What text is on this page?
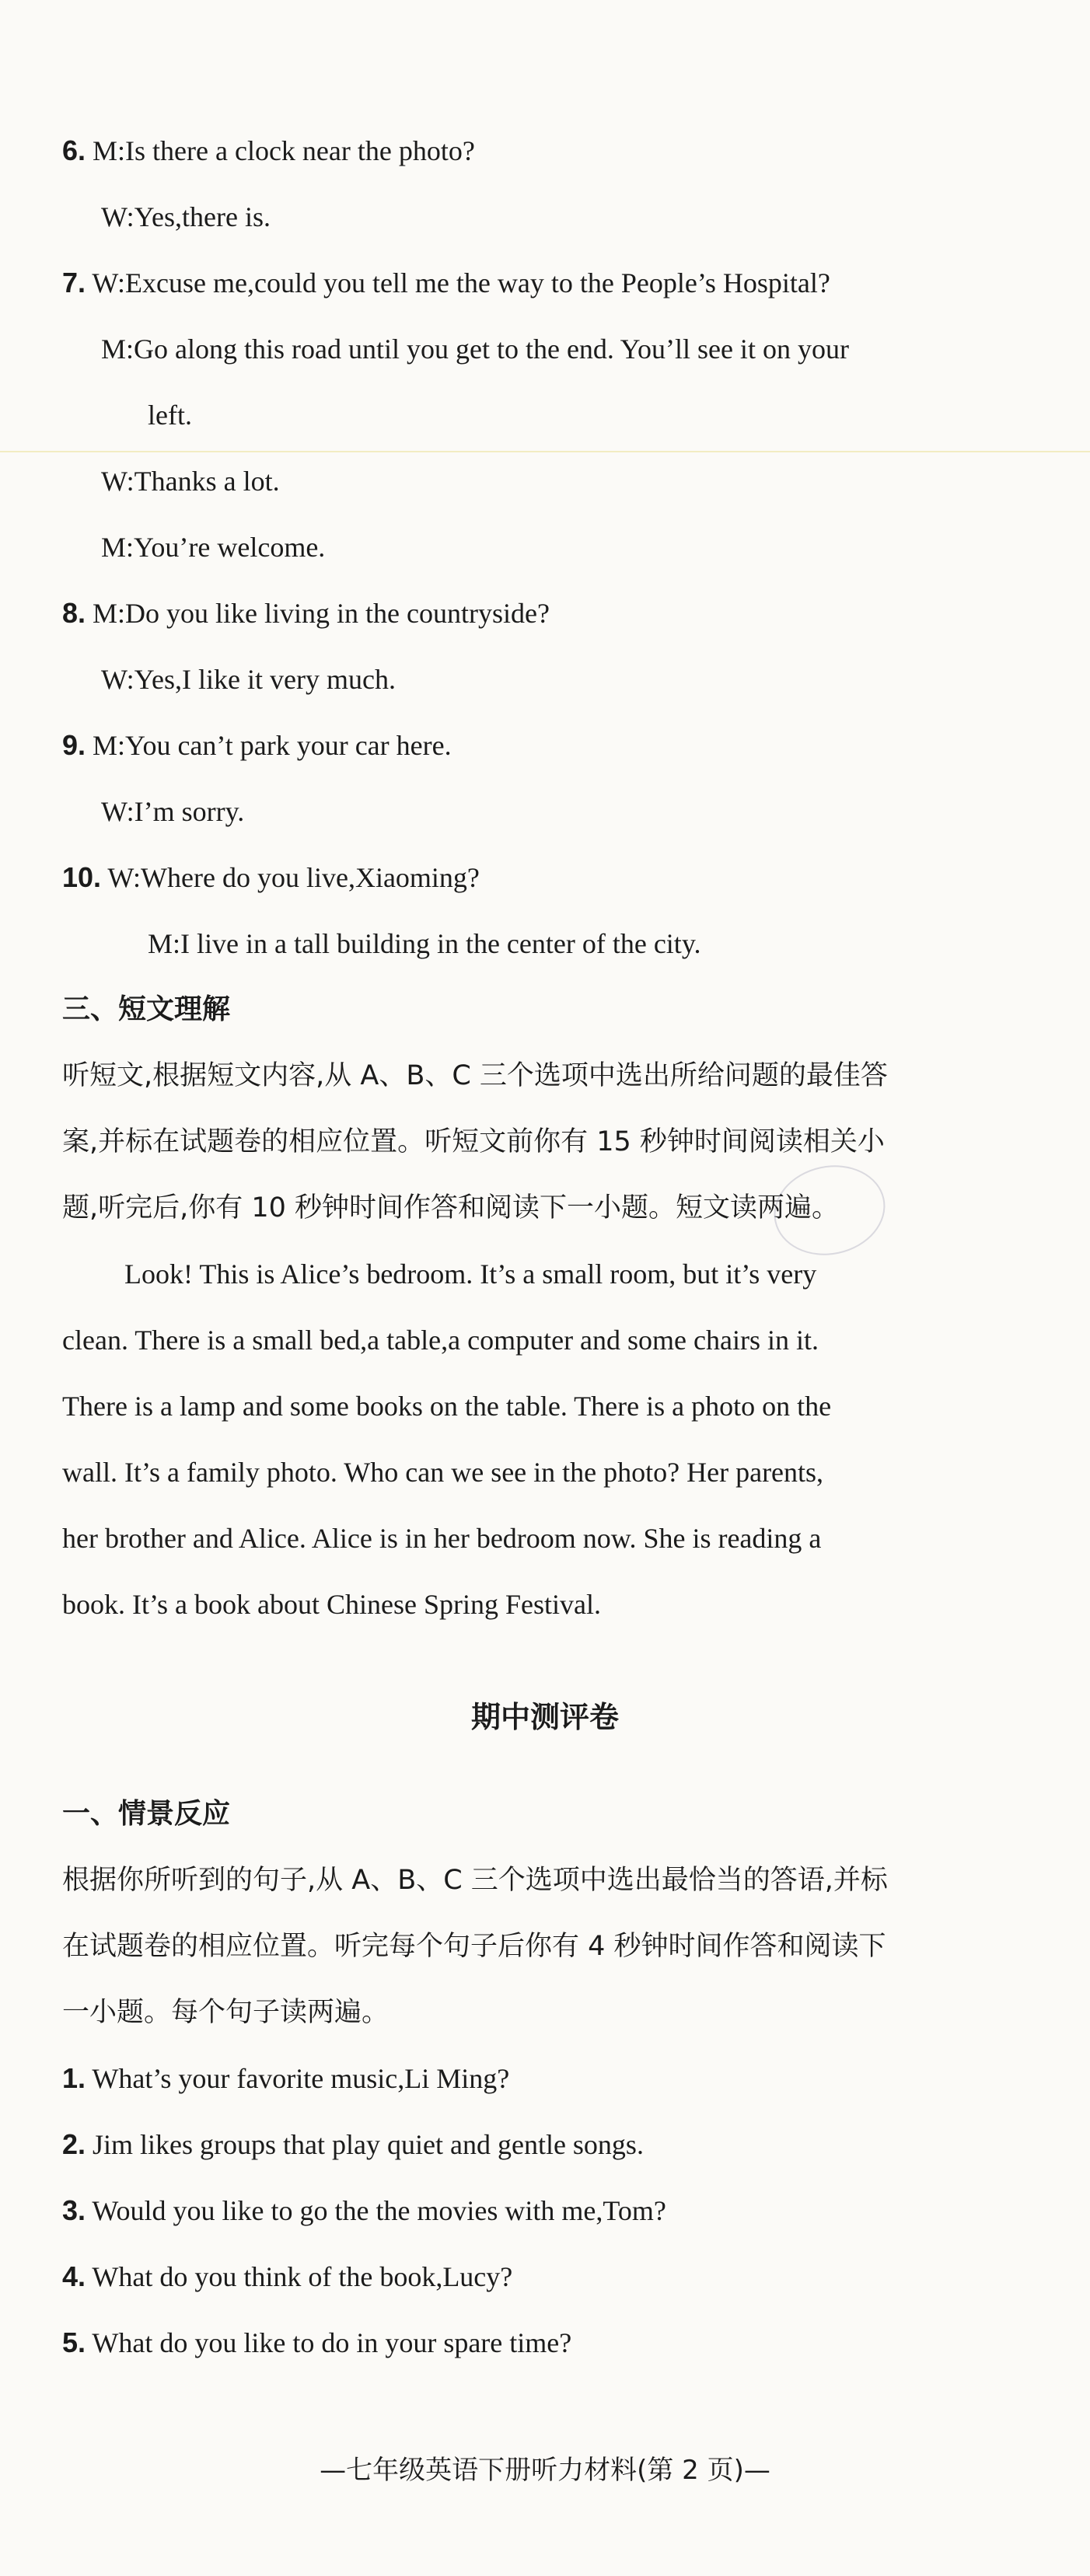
6. M:Is there a clock near the photo?
W:Yes,there is.
7. W:Excuse me,could you tell me the way to the People’s Hospital?
M:Go along this road until you get to the end. You’ll see it on your
left.
W:Thanks a lot.
M:You’re welcome.
8. M:Do you like living in the countryside?
W:Yes,I like it very much.
9. M:You can’t park your car here.
W:I’m sorry.
10. W:Where do you live,Xiaoming?
M:I live in a tall building in the center of the city.
三、短文理解
听短文,根据短文内容,从 A、B、C 三个选项中选出所给问题的最佳答
案,并标在试题卷的相应位置。听短文前你有 15 秒钟时间阅读相关小
题,听完后,你有 10 秒钟时间作答和阅读下一小题。短文读两遍。
Look! This is Alice’s bedroom. It’s a small room, but it’s very
clean. There is a small bed,a table,a computer and some chairs in it.
There is a lamp and some books on the table. There is a photo on the
wall. It’s a family photo. Who can we see in the photo? Her parents,
her brother and Alice. Alice is in her bedroom now. She is reading a
book. It’s a book about Chinese Spring Festival.
期中测评卷
一、情景反应
根据你所听到的句子,从 A、B、C 三个选项中选出最恰当的答语,并标
在试题卷的相应位置。听完每个句子后你有 4 秒钟时间作答和阅读下
一小题。每个句子读两遍。
1. What’s your favorite music,Li Ming?
2. Jim likes groups that play quiet and gentle songs.
3. Would you like to go the the movies with me,Tom?
4. What do you think of the book,Lucy?
5. What do you like to do in your spare time?
—七年级英语下册听力材料(第 2 页)—
